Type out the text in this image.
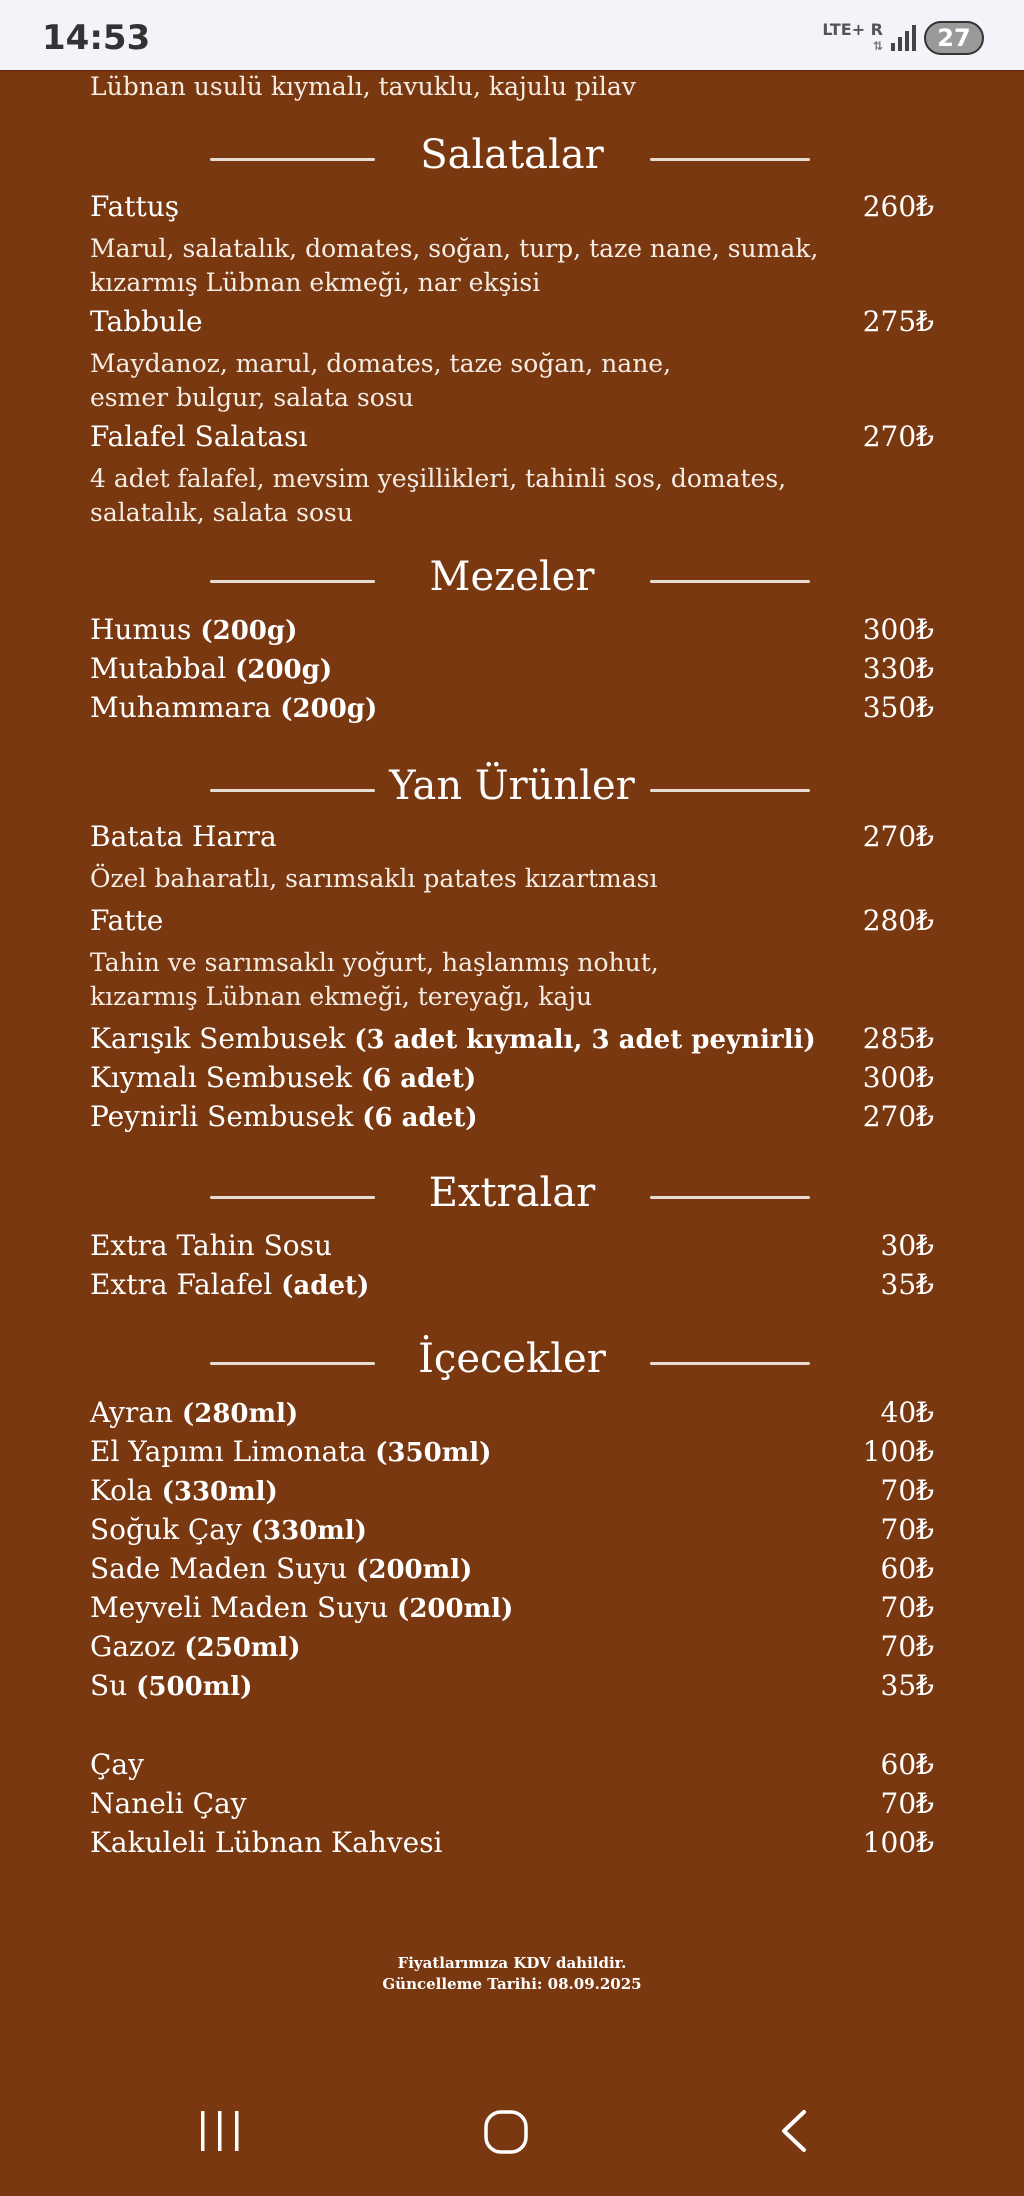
14:53	LTE+ R
⇅ 27
Lübnan usulü kıymalı, tavuklu, kajulu pilav
Salatalar
Fattuş	260₺
Marul, salatalık, domates, soğan, turp, taze nane, sumak,
kızarmış Lübnan ekmeği, nar ekşisi
Tabbule	275₺
Maydanoz, marul, domates, taze soğan, nane,
esmer bulgur, salata sosu
Falafel Salatası	270₺
4 adet falafel, mevsim yeşillikleri, tahinli sos, domates,
salatalık, salata sosu
Mezeler
Humus (200g)	300₺
Mutabbal (200g)	330₺
Muhammara (200g)	350₺
Yan Ürünler
Batata Harra	270₺
Özel baharatlı, sarımsaklı patates kızartması
Fatte	280₺
Tahin ve sarımsaklı yoğurt, haşlanmış nohut,
kızarmış Lübnan ekmeği, tereyağı, kaju
Karışık Sembusek (3 adet kıymalı, 3 adet peynirli) 285₺
Kıymalı Sembusek (6 adet)	300₺
Peynirli Sembusek (6 adet)	270₺
Extralar
Extra Tahin Sosu	30₺
Extra Falafel (adet)	35₺
İçecekler
Ayran (280ml)	40₺
El Yapımı Limonata (350ml)	100₺
Kola (330ml)	70₺
Soğuk Çay (330ml)	70₺
Sade Maden Suyu (200ml)	60₺
Meyveli Maden Suyu (200ml)	70₺
Gazoz (250ml)	70₺
Su (500ml)	35₺
Çay	60₺
Naneli Çay	70₺
Kakuleli Lübnan Kahvesi	100₺
Fiyatlarımıza KDV dahildir.
Güncelleme Tarihi: 08.09.2025
